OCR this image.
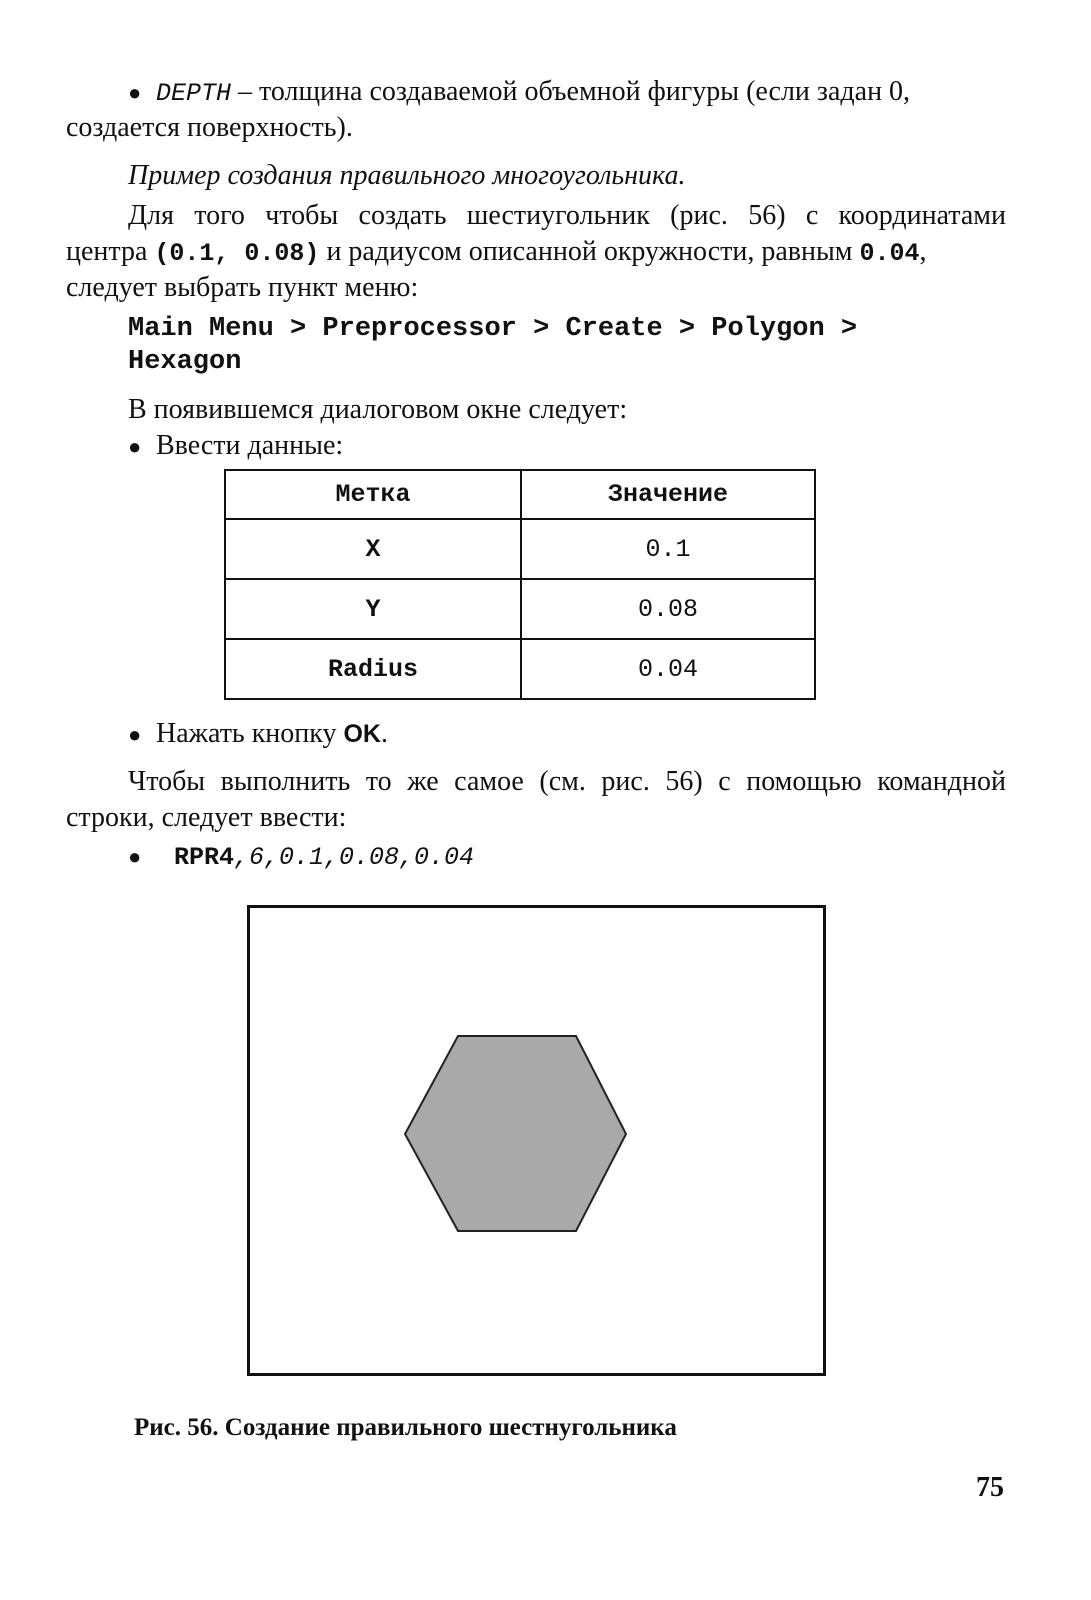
● DEPTH – толщина создаваемой объемной фигуры (если задан 0,
создается поверхность).
Пример создания правильного многоугольника.
Для того чтобы создать шестиугольник (рис. 56) с координатами
центра (0.1, 0.08) и радиусом описанной окружности, равным 0.04,
следует выбрать пункт меню:
Main Menu > Preprocessor > Create > Polygon >
Hexagon
В появившемся диалоговом окне следует:
● Ввести данные:
Метка	Значение
X	0.1
Y	0.08
Radius	0.04
● Нажать кнопку OK.
Чтобы выполнить то же самое (см. рис. 56) с помощью командной
строки, следует ввести:
● RPR4,6,0.1,0.08,0.04
Рис. 56. Создание правильного шестнугольника
75
